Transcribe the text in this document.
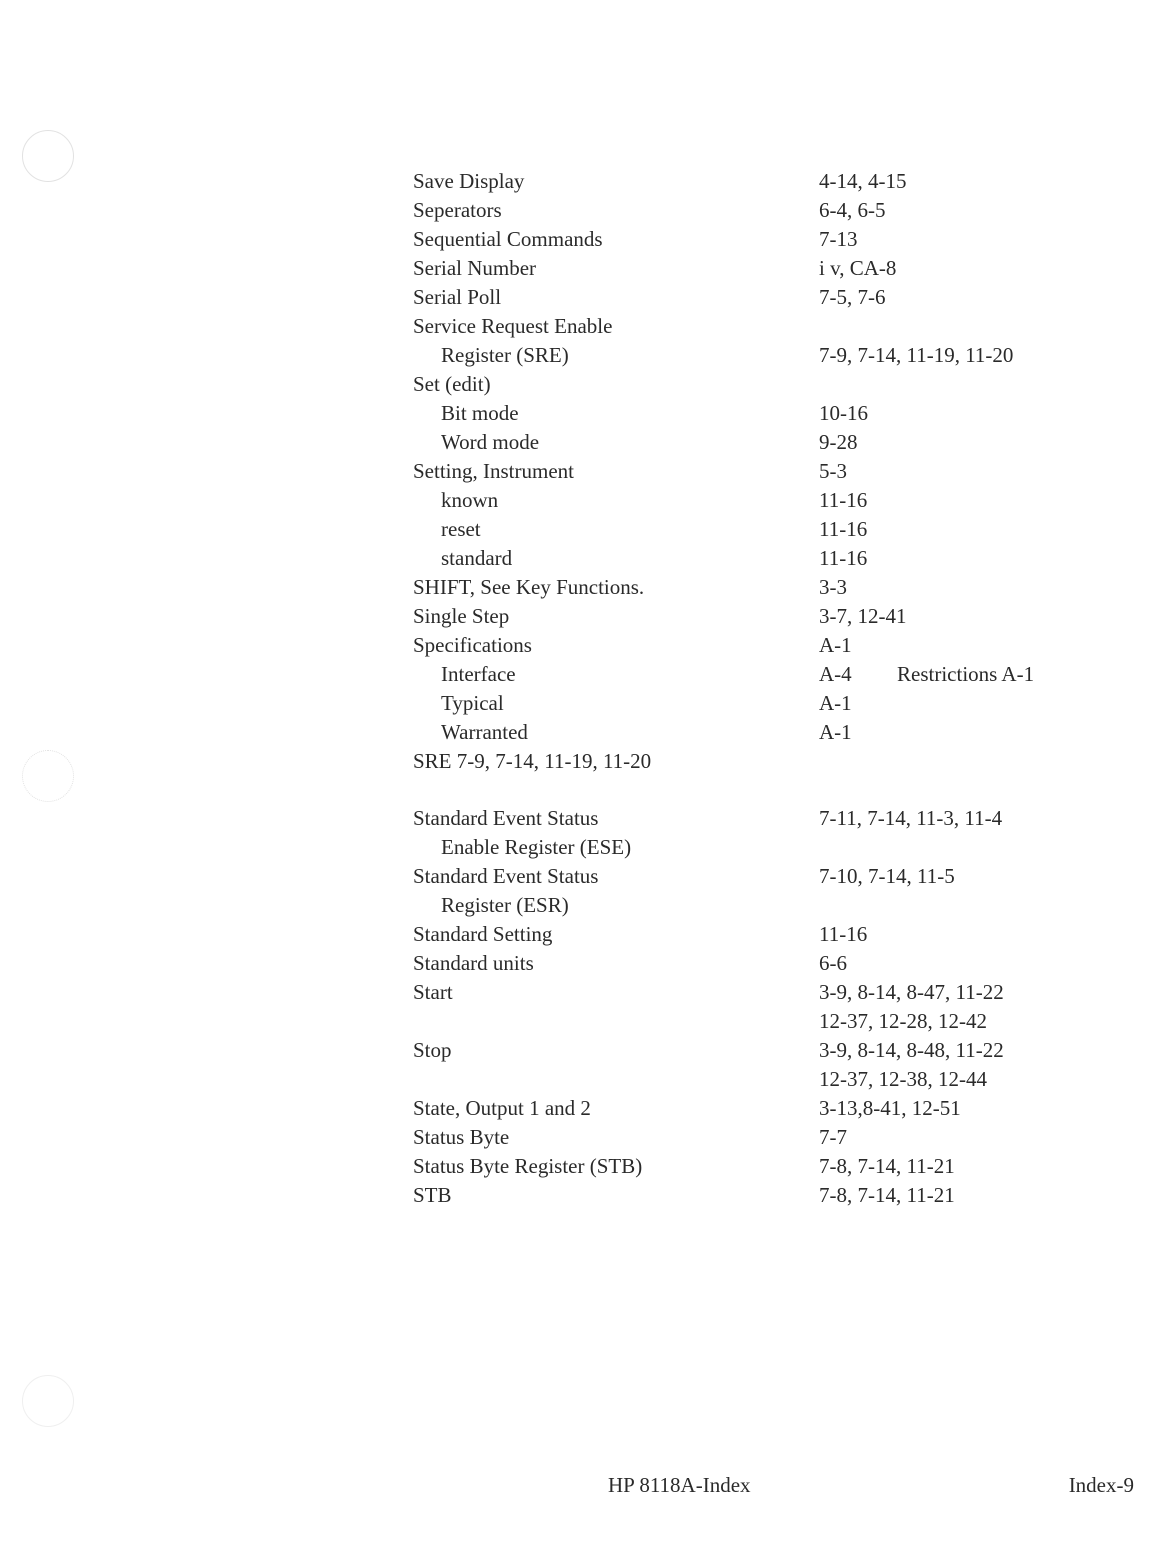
Save Display	4-14, 4-15
Seperators	6-4, 6-5
Sequential Commands	7-13
Serial Number	i v, CA-8
Serial Poll	7-5, 7-6
Service Request Enable
Register (SRE)	7-9, 7-14, 11-19, 11-20
Set (edit)
Bit mode	10-16
Word mode	9-28
Setting, Instrument	5-3
known	11-16
reset	11-16
standard	11-16
SHIFT, See Key Functions.	3-3
Single Step	3-7, 12-41
Specifications	A-1
Interface	A-4 Restrictions A-1
Typical	A-1
Warranted	A-1
SRE 7-9, 7-14, 11-19, 11-20
Standard Event Status	7-11, 7-14, 11-3, 11-4
Enable Register (ESE)
Standard Event Status	7-10, 7-14, 11-5
Register (ESR)
Standard Setting	11-16
Standard units	6-6
Start	3-9, 8-14, 8-47, 11-22
12-37, 12-28, 12-42
Stop	3-9, 8-14, 8-48, 11-22
12-37, 12-38, 12-44
State, Output 1 and 2	3-13,8-41, 12-51
Status Byte	7-7
Status Byte Register (STB)	7-8, 7-14, 11-21
STB	7-8, 7-14, 11-21
HP 8118A-Index	Index-9
